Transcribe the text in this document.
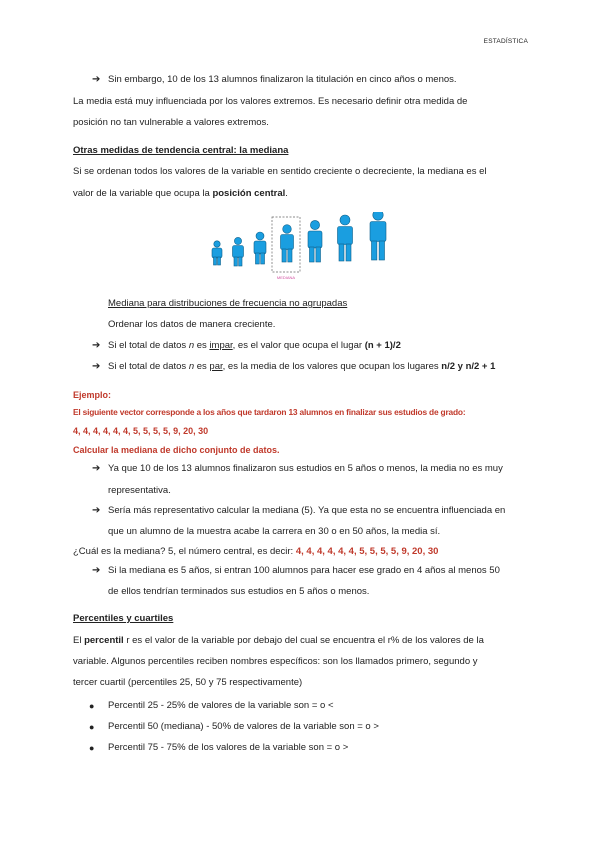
ESTADÍSTICA
➔ Sin embargo, 10 de los 13 alumnos finalizaron la titulación en cinco años o menos.
La media está muy influenciada por los valores extremos. Es necesario definir otra medida de
posición no tan vulnerable a valores extremos.
Otras medidas de tendencia central: la mediana
Si se ordenan todos los valores de la variable en sentido creciente o decreciente, la mediana es el
valor de la variable que ocupa la posición central.
MEDIANA
Mediana para distribuciones de frecuencia no agrupadas
Ordenar los datos de manera creciente.
➔ Si el total de datos n es impar, es el valor que ocupa el lugar (n + 1)/2
➔ Si el total de datos n es par, es la media de los valores que ocupan los lugares n/2 y n/2 + 1
Ejemplo:
El siguiente vector corresponde a los años que tardaron 13 alumnos en finalizar sus estudios de grado:
4, 4, 4, 4, 4, 4, 5, 5, 5, 5, 9, 20, 30
Calcular la mediana de dicho conjunto de datos.
➔ Ya que 10 de los 13 alumnos finalizaron sus estudios en 5 años o menos, la media no es muy
representativa.
➔ Sería más representativo calcular la mediana (5). Ya que esta no se encuentra influenciada en
que un alumno de la muestra acabe la carrera en 30 o en 50 años, la media sí.
¿Cuál es la mediana? 5, el número central, es decir: 4, 4, 4, 4, 4, 4, 5, 5, 5, 5, 9, 20, 30
➔ Si la mediana es 5 años, si entran 100 alumnos para hacer ese grado en 4 años al menos 50
de ellos tendrían terminados sus estudios en 5 años o menos.
Percentiles y cuartiles
El percentil r es el valor de la variable por debajo del cual se encuentra el r% de los valores de la
variable. Algunos percentiles reciben nombres específicos: son los llamados primero, segundo y
tercer cuartil (percentiles 25, 50 y 75 respectivamente)
● Percentil 25 - 25% de valores de la variable son = o <
● Percentil 50 (mediana) - 50% de valores de la variable son = o >
● Percentil 75 - 75% de los valores de la variable son = o >
